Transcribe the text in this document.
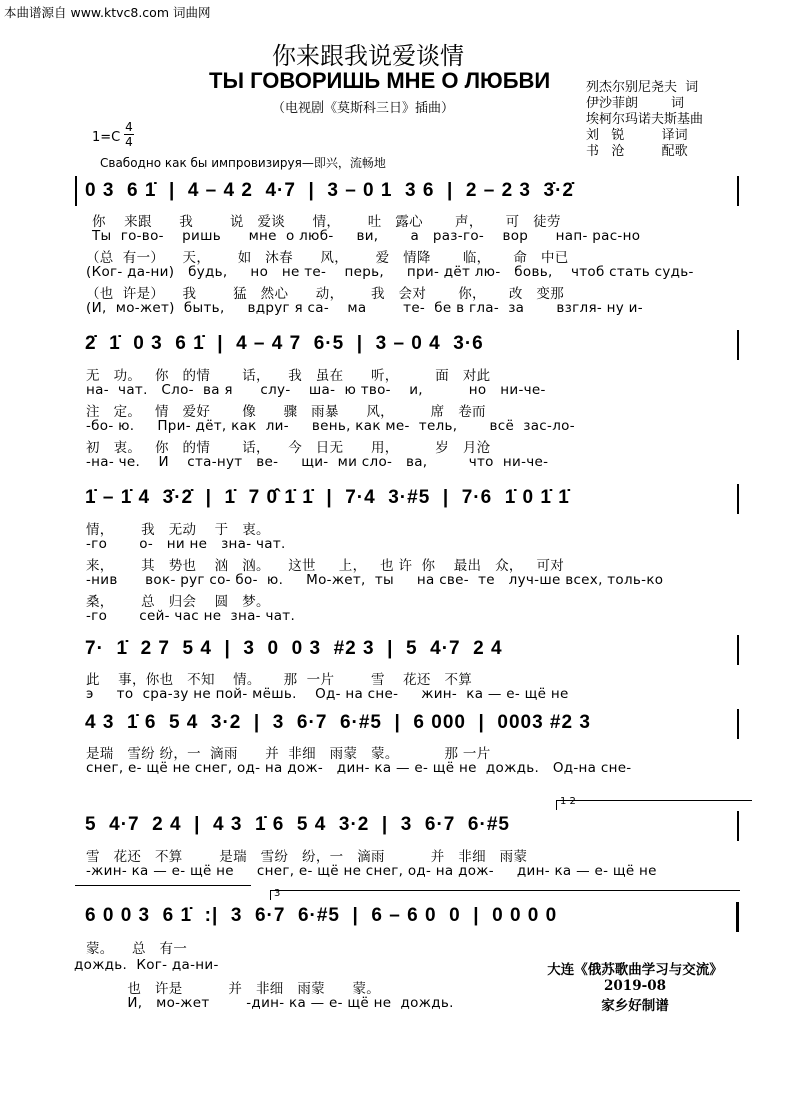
本曲谱源自 www.ktvc8.com 词曲网
你来跟我说爱谈情
ТЫ ГОВОРИШЬ МНЕ О ЛЮБВИ
（电视剧《莫斯科三日》插曲）
列杰尔别尼尧夫  词
伊沙菲朗        词
埃柯尔玛诺夫斯基曲
刘   锐         译词
书   沧         配歌
1=C
4
4
Свабодно как бы импровизируя—即兴，流畅地
0 3  6 1̇  |  4 – 4 2  4·7  |  3 – 0 1  3 6  |  2 – 2 3  3̇·2̇
你    来跟      我        说   爱谈      情，      吐   露心       声，     可   徒劳
Ты  го-во-    ришь      мне  о люб-     ви,       а   раз-го-    вор      нап- рас-но
（总  有一）    天，      如   沐春      风，      爱   情降       临，     命   中已
(Ког- да-ни)   будь,     но   не те-    перь,     при- дёт лю-   бовь,    чтоб стать судь-
（也  许是）    我        猛   然心      动，      我   会对       你，     改   变那
(И,  мо-жет)  быть,     вдруг я са-    ма        те-  бе в гла-  за       взгля- ну и-
2̇  1̇  0 3  6 1̇  |  4 – 4 7  6·5  |  3 – 0 4  3·6
无   功。   你   的情       话，    我   虽在      听，        面   对此
на-  чат.   Сло-  ва я      слу-    ша-  ю тво-    и,          но   ни-че-
注   定。   情   爱好       像      骤   雨暴      风，        席   卷而
-бо- ю.     При- дёт, как  ли-     вень, как ме-  тель,       всё  зас-ло-
初   衷。   你   的情       话，    今   日无      用，        岁   月沧
-на- че.    И    ста-нут   ве-     щи-  ми сло-   ва,         что  ни-че-
1̇ – 1̇ 4  3̇·2̇  |  1̇  7 0̂ 1̇ 1̇  |  7·4  3·#5  |  7·6  1̇ 0 1̇ 1̇
情，      我   无动    于   衷。
-го       о-   ни не   зна- чат.
来，      其   势也    汹   汹。    这世     上，   也 许  你    最出   众，   可对
-нив      вок- руг со- бо-  ю.     Мо-жет,  ты     на све-  те   луч-ше всех, толь-ко
桑，      总   归会    圆   梦。
-го       сей- час не  зна- чат.
7·  1̇  2 7  5 4  |  3  0  0 3  #2 3  |  5  4·7  2 4
此    事，你也   不知    情。     那  一片        雪    花还   不算
э     то  сра-зу не пой- мёшь.    Од- на сне-     жин-  ка — е- щё не
4 3  1̇ 6  5 4  3·2  |  3  6·7  6·#5  |  6 000  |  0003 #2 3
是瑞   雪纷 纷，一  滴雨      并  非细   雨蒙   蒙。          那 一片
снег, е- щё не снег, од- на дож-   дин- ка — е- щё не  дождь.   Од-на сне-
1 2
5  4·7  2 4  |  4 3  1̇ 6  5 4  3·2  |  3  6·7  6·#5
雪   花还   不算        是瑞   雪纷   纷，一   滴雨          并   非细   雨蒙
-жин- ка — е- щё не     снег, е- щё не снег, од- на дож-     дин- ка — е- щё не
3
6 0 0 3  6 1̇  :|  3  6·7  6·#5  |  6 – 6 0  0  |  0 0 0 0
蒙。    总   有一
дождь.  Ког- да-ни-
也   许是          并   非细   雨蒙      蒙。
И,   мо-жет        -дин- ка — е- щё не  дождь.
大连《俄苏歌曲学习与交流》
2019-08
家乡好制谱
